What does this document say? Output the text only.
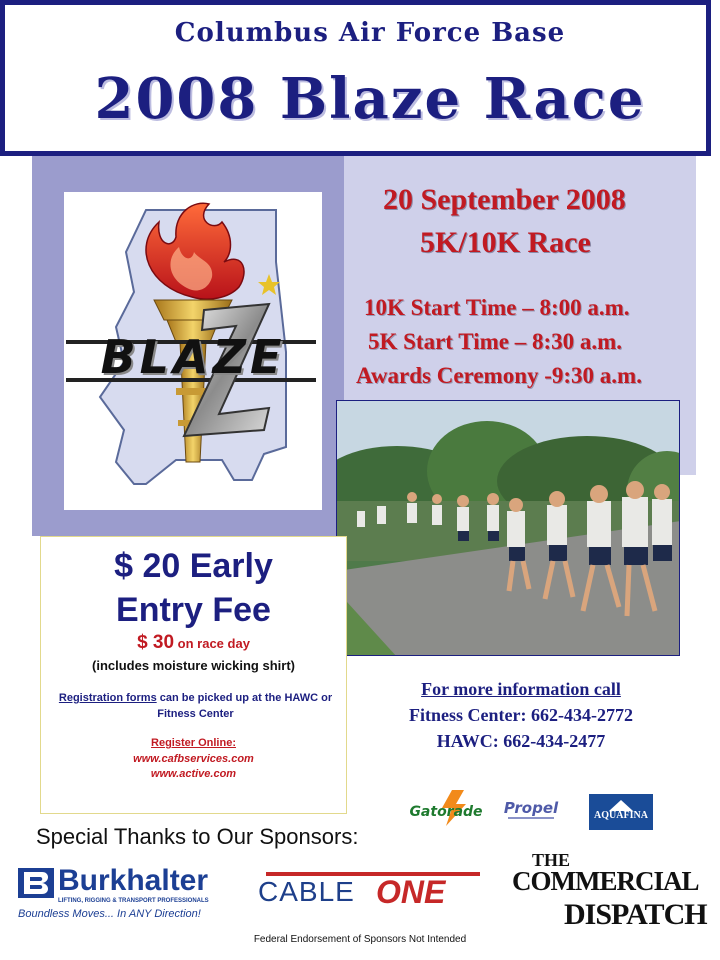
Columbus Air Force Base
2008 Blaze Race
BLAZE
20 September 2008
5K/10K Race
10K Start Time – 8:00 a.m.
5K Start Time – 8:30 a.m.
Awards Ceremony -9:30 a.m.
$ 20 Early
Entry Fee
$ 30 on race day
(includes moisture wicking shirt)
Registration forms can be picked up at the HAWC or Fitness Center
Register Online:
www.cafbservices.com
www.active.com
For more information call
Fitness Center: 662-434-2772
HAWC: 662-434-2477
Gatorade Propel	AQUAFINA
Special Thanks to Our Sponsors:
Burkhalter
LIFTING, RIGGING & TRANSPORT PROFESSIONALS
Boundless Moves... In ANY Direction!
CABLE ONE
THE
COMMERCIAL
DISPATCH
Federal Endorsement of Sponsors Not Intended
